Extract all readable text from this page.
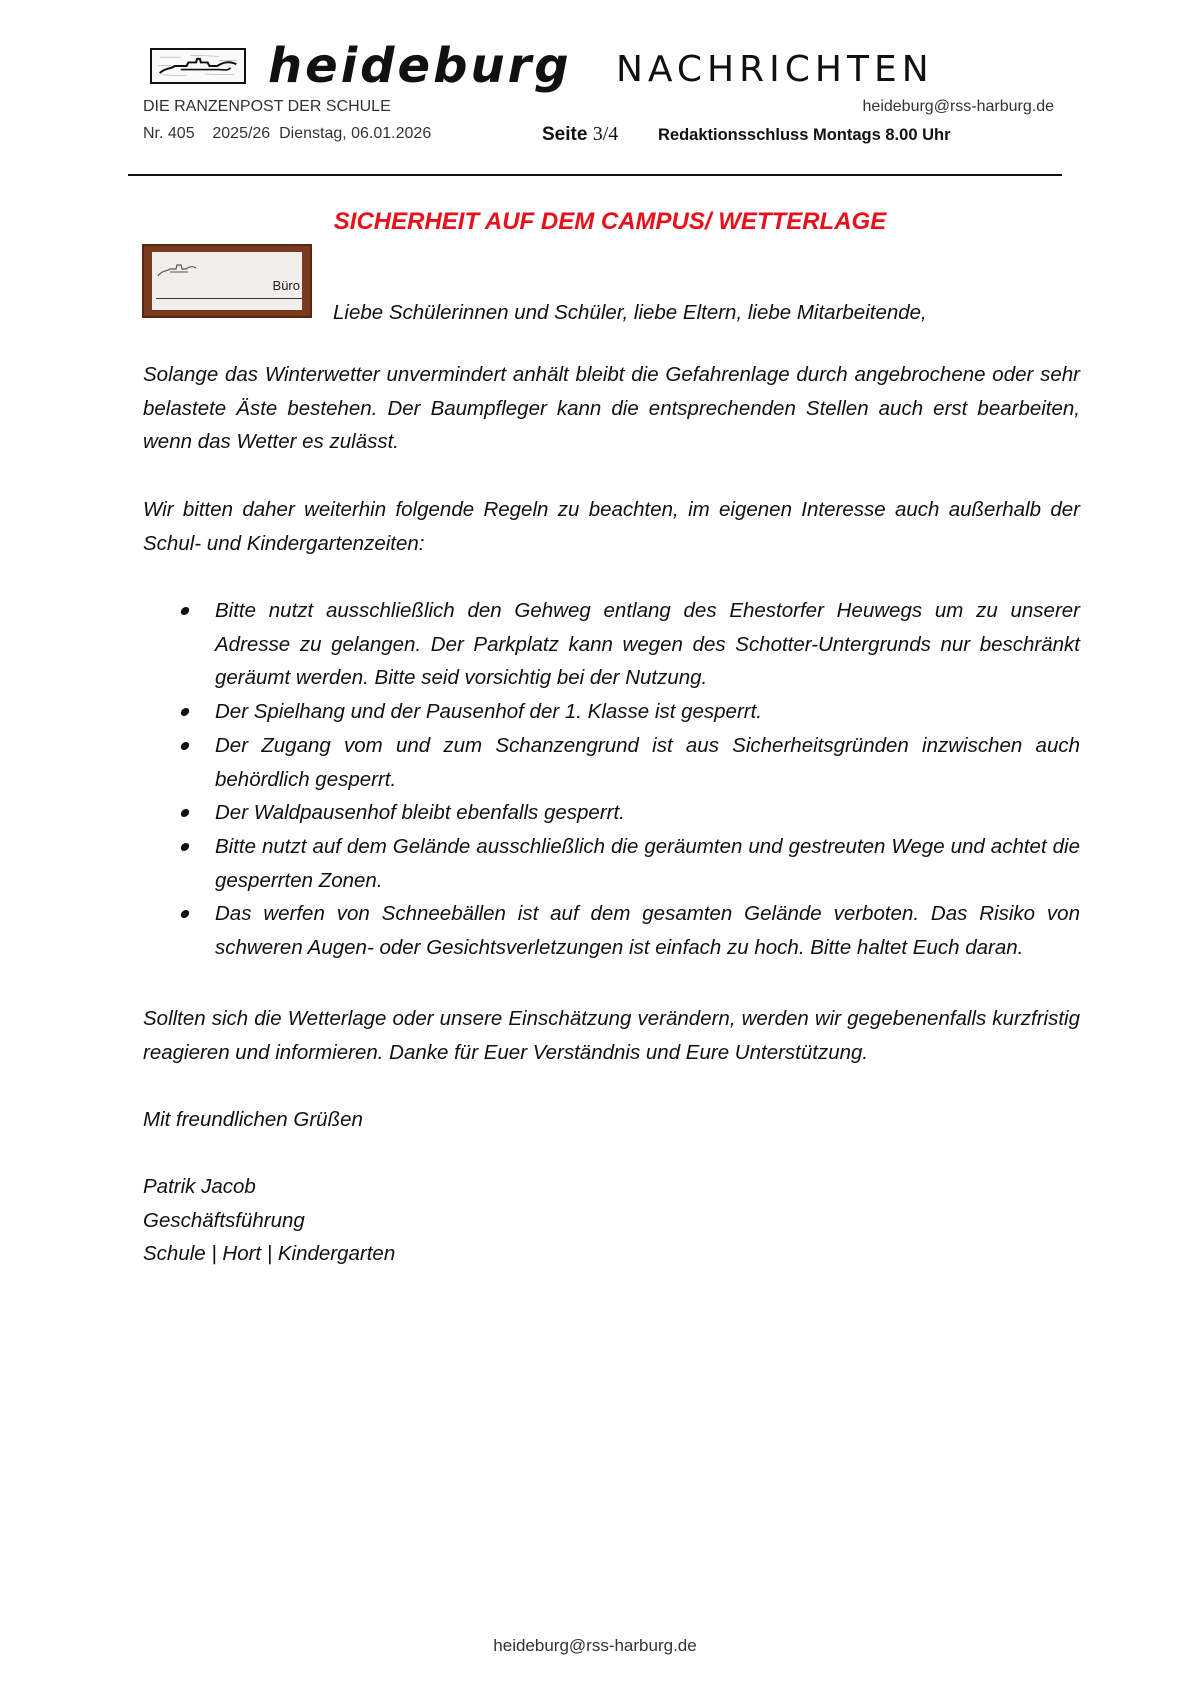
heideburg NACHRICHTEN
DIE RANZENPOST DER SCHULE	heideburg@rss-harburg.de
Nr. 405    2025/26  Dienstag, 06.01.2026	Seite 3/4 Redaktionsschluss Montags 8.00 Uhr
SICHERHEIT AUF DEM CAMPUS/ WETTERLAGE
Büro
Liebe Schülerinnen und Schüler, liebe Eltern, liebe Mitarbeitende,
Solange das Winterwetter unvermindert anhält bleibt die Gefahrenlage durch angebrochene oder sehr belastete Äste bestehen. Der Baumpfleger kann die entsprechenden Stellen auch erst bearbeiten, wenn das Wetter es zulässt.
Wir bitten daher weiterhin folgende Regeln zu beachten, im eigenen Interesse auch außerhalb der Schul- und Kindergartenzeiten:
Bitte nutzt ausschließlich den Gehweg entlang des Ehestorfer Heuwegs um zu unserer Adresse zu gelangen. Der Parkplatz kann wegen des Schotter-Untergrunds nur beschränkt geräumt werden. Bitte seid vorsichtig bei der Nutzung.
Der Spielhang und der Pausenhof der 1. Klasse ist gesperrt.
Der Zugang vom und zum Schanzengrund ist aus Sicherheitsgründen inzwischen auch behördlich gesperrt.
Der Waldpausenhof bleibt ebenfalls gesperrt.
Bitte nutzt auf dem Gelände ausschließlich die geräumten und gestreuten Wege und achtet die gesperrten Zonen.
Das werfen von Schneebällen ist auf dem gesamten Gelände verboten. Das Risiko von schweren Augen- oder Gesichtsverletzungen ist einfach zu hoch. Bitte haltet Euch daran.
Sollten sich die Wetterlage oder unsere Einschätzung verändern, werden wir gegebenenfalls kurzfristig reagieren und informieren. Danke für Euer Verständnis und Eure Unterstützung.
Mit freundlichen Grüßen
Patrik Jacob
Geschäftsführung
Schule | Hort | Kindergarten
heideburg@rss-harburg.de
